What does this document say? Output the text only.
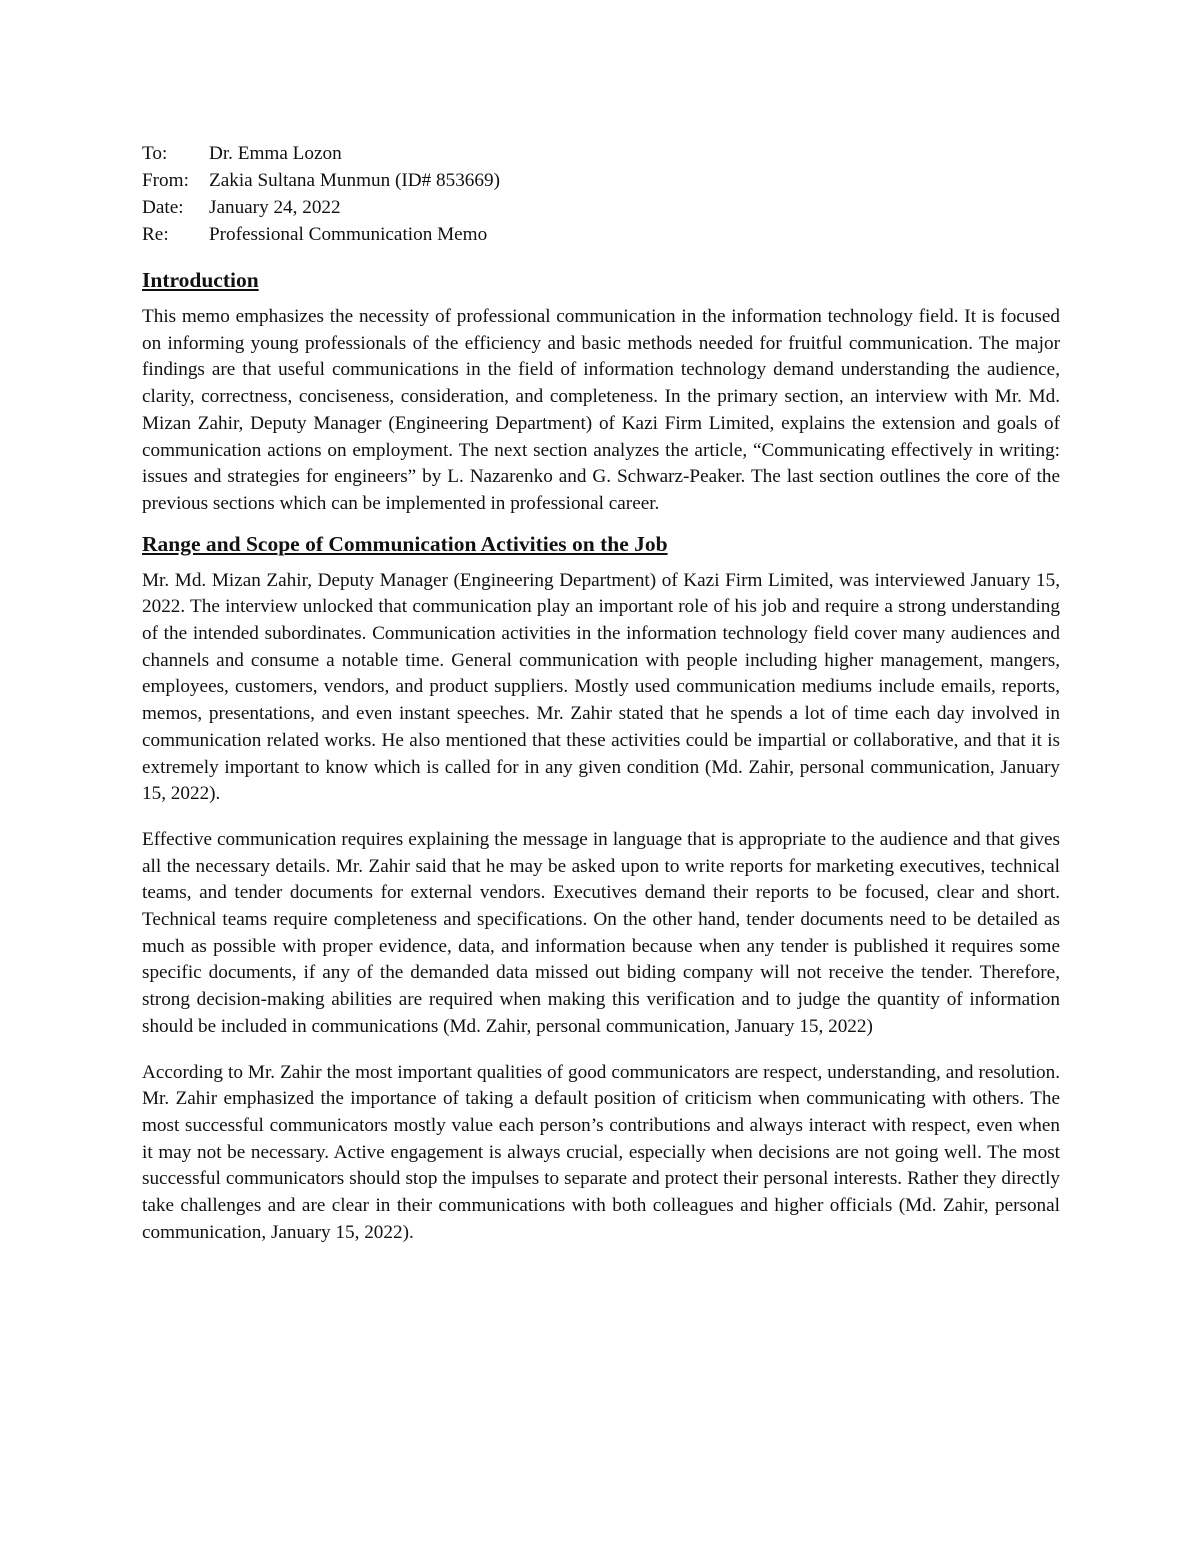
To:	Dr. Emma Lozon
From:	Zakia Sultana Munmun (ID# 853669)
Date:	January 24, 2022
Re:	Professional Communication Memo
Introduction

This memo emphasizes the necessity of professional communication in the information technology field. It is focused on informing young professionals of the efficiency and basic methods needed for fruitful communication. The major findings are that useful communications in the field of information technology demand understanding the audience, clarity, correctness, conciseness, consideration, and completeness. In the primary section, an interview with Mr. Md. Mizan Zahir, Deputy Manager (Engineering Department) of Kazi Firm Limited, explains the extension and goals of communication actions on employment. The next section analyzes the article, “Communicating effectively in writing: issues and strategies for engineers” by L. Nazarenko and G. Schwarz-Peaker. The last section outlines the core of the previous sections which can be implemented in professional career.

Range and Scope of Communication Activities on the Job

Mr. Md. Mizan Zahir, Deputy Manager (Engineering Department) of Kazi Firm Limited, was interviewed January 15, 2022. The interview unlocked that communication play an important role of his job and require a strong understanding of the intended subordinates. Communication activities in the information technology field cover many audiences and channels and consume a notable time. General communication with people including higher management, mangers, employees, customers, vendors, and product suppliers. Mostly used communication mediums include emails, reports, memos, presentations, and even instant speeches. Mr. Zahir stated that he spends a lot of time each day involved in communication related works. He also mentioned that these activities could be impartial or collaborative, and that it is extremely important to know which is called for in any given condition (Md. Zahir, personal communication, January 15, 2022).

Effective communication requires explaining the message in language that is appropriate to the audience and that gives all the necessary details. Mr. Zahir said that he may be asked upon to write reports for marketing executives, technical teams, and tender documents for external vendors. Executives demand their reports to be focused, clear and short. Technical teams require completeness and specifications. On the other hand, tender documents need to be detailed as much as possible with proper evidence, data, and information because when any tender is published it requires some specific documents, if any of the demanded data missed out biding company will not receive the tender. Therefore, strong decision-making abilities are required when making this verification and to judge the quantity of information should be included in communications (Md. Zahir, personal communication, January 15, 2022)

According to Mr. Zahir the most important qualities of good communicators are respect, understanding, and resolution. Mr. Zahir emphasized the importance of taking a default position of criticism when communicating with others. The most successful communicators mostly value each person’s contributions and always interact with respect, even when it may not be necessary. Active engagement is always crucial, especially when decisions are not going well. The most successful communicators should stop the impulses to separate and protect their personal interests. Rather they directly take challenges and are clear in their communications with both colleagues and higher officials (Md. Zahir, personal communication, January 15, 2022).
